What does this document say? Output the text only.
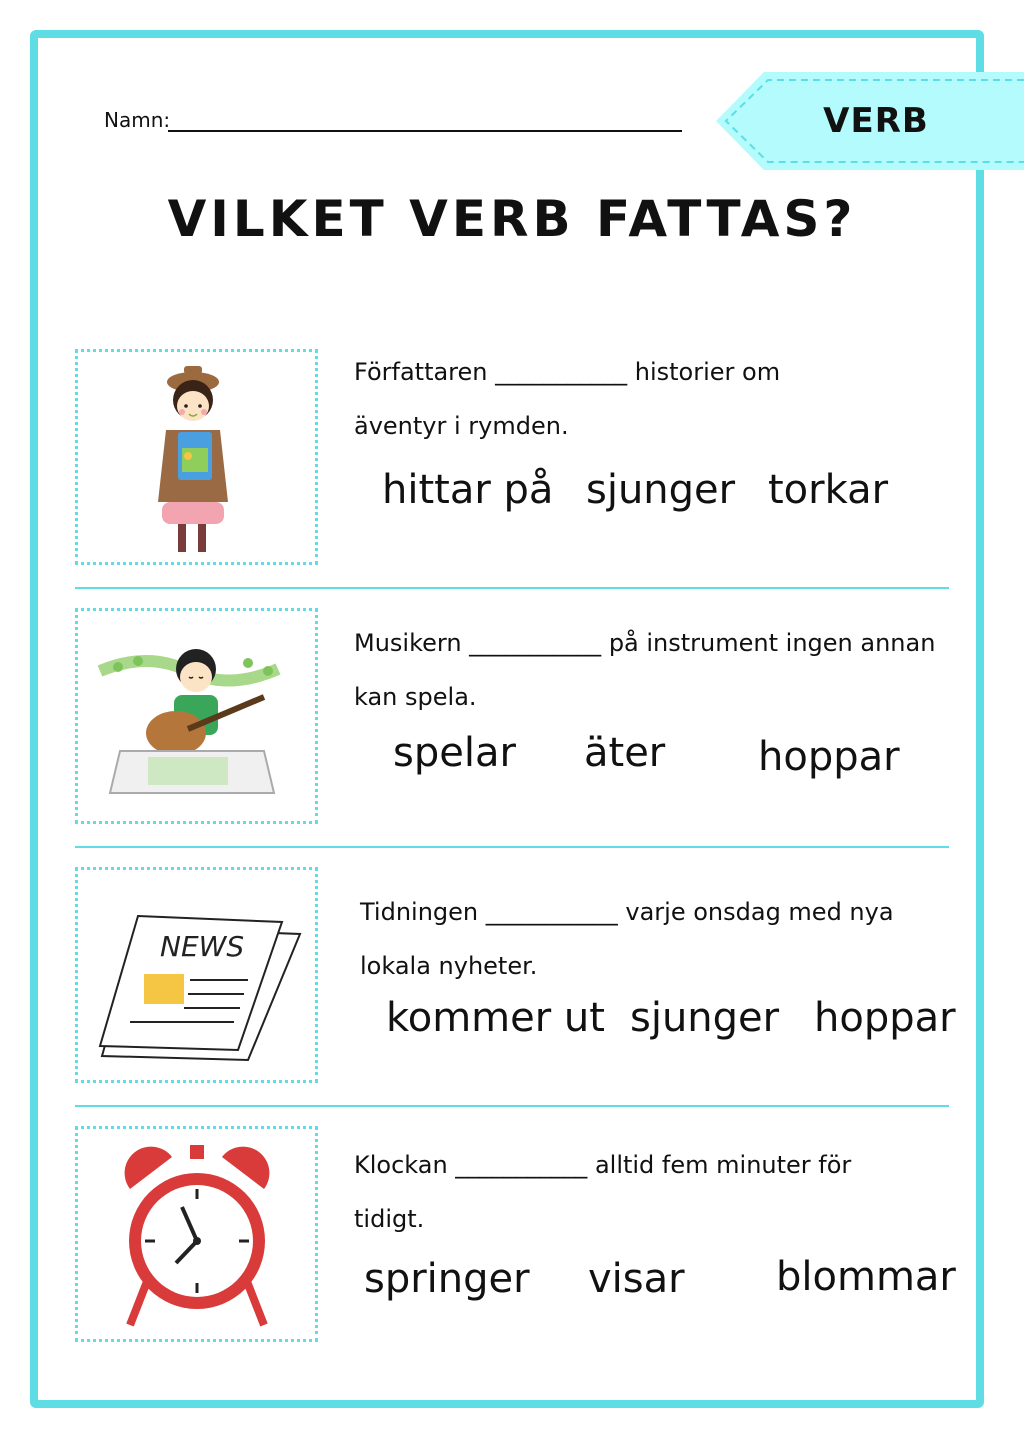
Namn:	VERB
VILKET VERB FATTAS?
Författaren ___________ historier om
äventyr i rymden.
hittar på sjunger torkar
Musikern ___________ på instrument ingen annan
kan spela.
spelar äter hoppar
NEWS
Tidningen ___________ varje onsdag med nya
lokala nyheter.
kommer ut sjunger hoppar
Klockan ___________ alltid fem minuter för
tidigt.
springer visar blommar
